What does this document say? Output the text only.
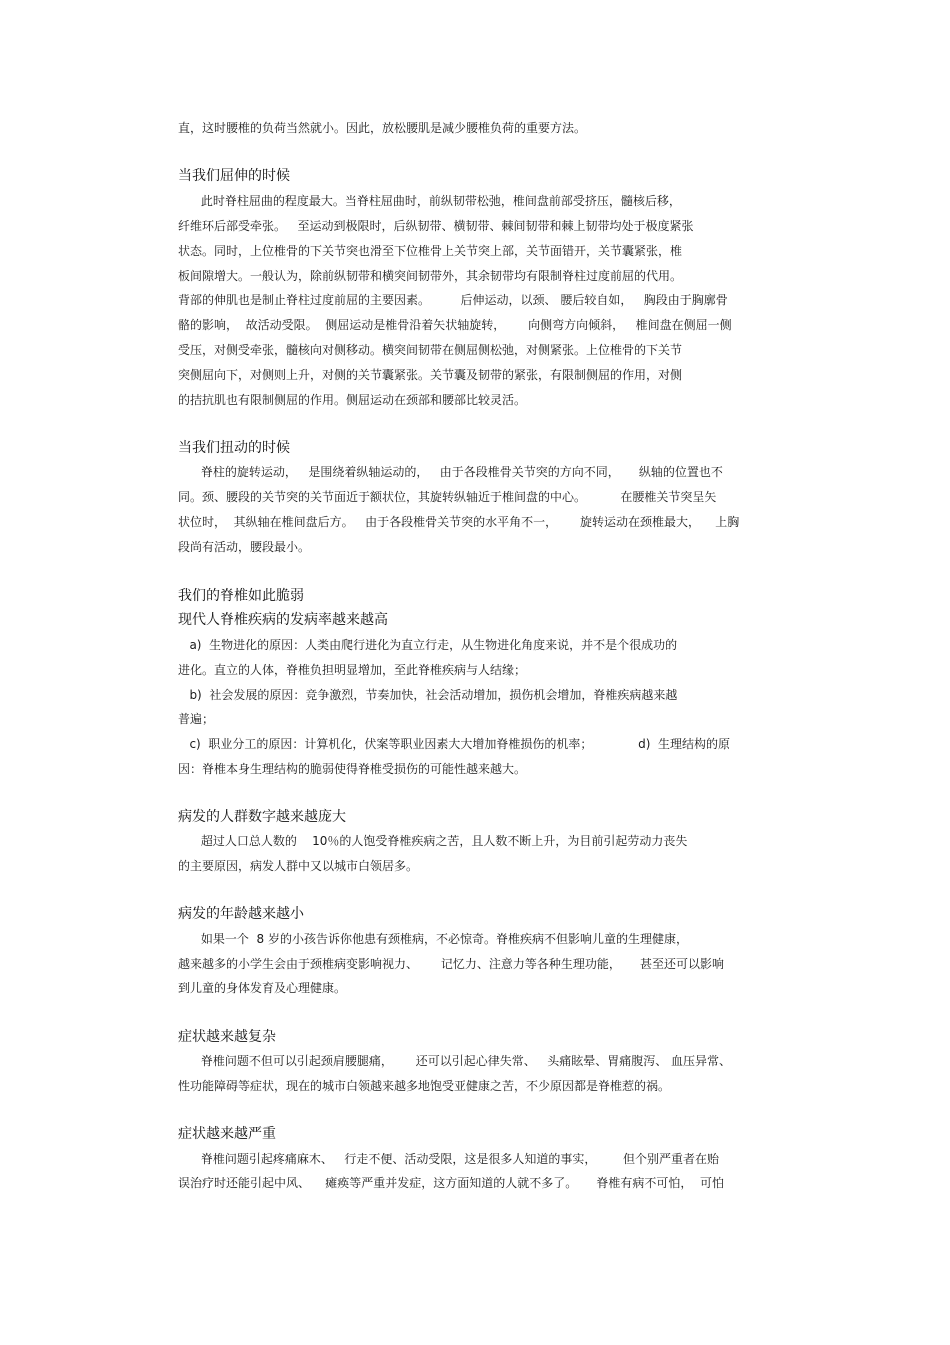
直，这时腰椎的负荷当然就小。因此，放松腰肌是减少腰椎负荷的重要方法。
当我们屈伸的时候
此时脊柱屈曲的程度最大。当脊柱屈曲时，前纵韧带松弛，椎间盘前部受挤压，髓核后移，
纤维环后部受牵张。   至运动到极限时，后纵韧带、横韧带、棘间韧带和棘上韧带均处于极度紧张
状态。同时，上位椎骨的下关节突也滑至下位椎骨上关节突上部，关节面错开，关节囊紧张，椎
板间隙增大。一般认为，除前纵韧带和横突间韧带外，其余韧带均有限制脊柱过度前屈的代用。
背部的伸肌也是制止脊柱过度前屈的主要因素。        后伸运动，以颈、 腰后较自如，   胸段由于胸廓骨
骼的影响，  故活动受限。  侧屈运动是椎骨沿着矢状轴旋转，      向侧弯方向倾斜，   椎间盘在侧屈一侧
受压，对侧受牵张，髓核向对侧移动。横突间韧带在侧屈侧松弛，对侧紧张。上位椎骨的下关节
突侧屈向下，对侧则上升，对侧的关节囊紧张。关节囊及韧带的紧张，有限制侧屈的作用，对侧
的拮抗肌也有限制侧屈的作用。侧屈运动在颈部和腰部比较灵活。
当我们扭动的时候
脊柱的旋转运动，   是围绕着纵轴运动的，   由于各段椎骨关节突的方向不同，     纵轴的位置也不
同。颈、腰段的关节突的关节面近于额状位，其旋转纵轴近于椎间盘的中心。         在腰椎关节突呈矢
状位时，  其纵轴在椎间盘后方。   由于各段椎骨关节突的水平角不一，      旋转运动在颈椎最大，    上胸
段尚有活动，腰段最小。
我们的脊椎如此脆弱
现代人脊椎疾病的发病率越来越高
a)  生物进化的原因：人类由爬行进化为直立行走，从生物进化角度来说，并不是个很成功的
进化。直立的人体，脊椎负担明显增加，至此脊椎疾病与人结缘；
b)  社会发展的原因：竞争激烈，节奏加快，社会活动增加，损伤机会增加，脊椎疾病越来越
普遍；
c)  职业分工的原因：计算机化，伏案等职业因素大大增加脊椎损伤的机率；            d)  生理结构的原
因：脊椎本身生理结构的脆弱使得脊椎受损伤的可能性越来越大。
病发的人群数字越来越庞大
超过人口总人数的    10％的人饱受脊椎疾病之苦，且人数不断上升，为目前引起劳动力丧失
的主要原因，病发人群中又以城市白领居多。
病发的年龄越来越小
如果一个  8 岁的小孩告诉你他患有颈椎病，不必惊奇。脊椎疾病不但影响儿童的生理健康，
越来越多的小学生会由于颈椎病变影响视力、      记忆力、注意力等各种生理功能，     甚至还可以影响
到儿童的身体发育及心理健康。
症状越来越复杂
脊椎问题不但可以引起颈肩腰腿痛，      还可以引起心律失常、   头痛眩晕、胃痛腹泻、 血压异常、
性功能障碍等症状，现在的城市白领越来越多地饱受亚健康之苦，不少原因都是脊椎惹的祸。
症状越来越严重
脊椎问题引起疼痛麻木、   行走不便、活动受限，这是很多人知道的事实，       但个别严重者在贻
误治疗时还能引起中风、    瘫痪等严重并发症，这方面知道的人就不多了。     脊椎有病不可怕，  可怕
